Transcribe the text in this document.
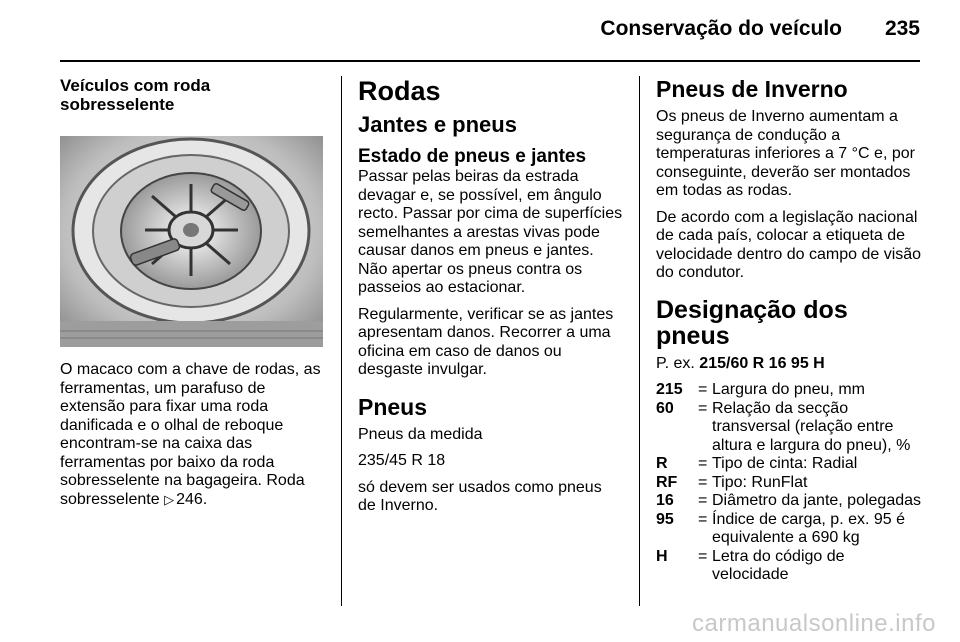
Conservação do veículo 235
Veículos com roda sobresselente

O macaco com a chave de rodas, as ferramentas, um parafuso de extensão para fixar uma roda danificada e o olhal de reboque encontram-se na caixa das ferramentas por baixo da roda sobresselente na bagageira. Roda sobresselente ▷ 246.

Rodas
Jantes e pneus
Estado de pneus e jantes

Passar pelas beiras da estrada devagar e, se possível, em ângulo recto. Passar por cima de superfícies semelhantes a arestas vivas pode causar danos em pneus e jantes. Não apertar os pneus contra os passeios ao estacionar.

Regularmente, verificar se as jantes apresentam danos. Recorrer a uma oficina em caso de danos ou desgaste invulgar.

Pneus

Pneus da medida

235/45 R 18

só devem ser usados como pneus de Inverno.

Pneus de Inverno

Os pneus de Inverno aumentam a segurança de condução a temperaturas inferiores a 7 °C e, por conseguinte, deverão ser montados em todas as rodas.

De acordo com a legislação nacional de cada país, colocar a etiqueta de velocidade dentro do campo de visão do condutor.

Designação dos pneus

P. ex. 215/60 R 16 95 H

215 = Largura do pneu, mm
60	= Relação da secção transversal (relação entre altura e largura do pneu), %
R	= Tipo de cinta: Radial
RF	= Tipo: RunFlat
16	= Diâmetro da jante, polegadas
95	= Índice de carga, p. ex. 95 é equivalente a 690 kg
H	= Letra do código de velocidade
carmanualsonline.info
